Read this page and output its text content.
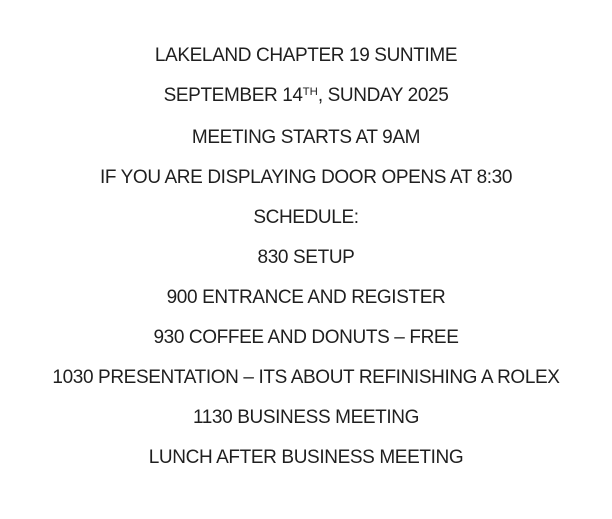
LAKELAND CHAPTER 19 SUNTIME
SEPTEMBER 14TH, SUNDAY 2025
MEETING STARTS AT 9AM
IF YOU ARE DISPLAYING DOOR OPENS AT 8:30
SCHEDULE:
830 SETUP
900 ENTRANCE AND REGISTER
930 COFFEE AND DONUTS – FREE
1030 PRESENTATION – ITS ABOUT REFINISHING A ROLEX
1130 BUSINESS MEETING
LUNCH AFTER BUSINESS MEETING
